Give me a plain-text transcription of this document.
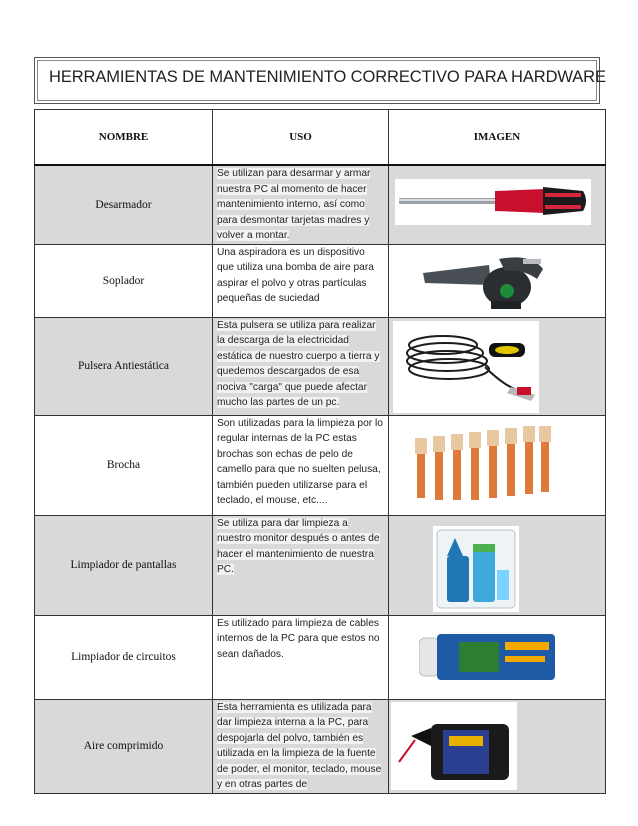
HERRAMIENTAS DE MANTENIMIENTO CORRECTIVO PARA HARDWARE
NOMBRE	USO	IMAGEN
Desarmador	Se utilizan para desarmar y armar nuestra PC al momento de hacer mantenimiento interno, así como para desmontar tarjetas madres y volver a montar.	

Soplador	Una aspiradora es un dispositivo que utiliza una bomba de aire para aspirar el polvo y otras partículas pequeñas de suciedad	

Pulsera Antiestática	Esta pulsera se utiliza para realizar la descarga de la electricidad estática de nuestro cuerpo a tierra y quedemos descargados de esa nociva "carga" que puede afectar mucho las partes de un pc.	

Brocha	Son utilizadas para la limpieza por lo regular internas de la PC estas brochas son echas de pelo de camello para que no suelten pelusa, también pueden utilizarse para el teclado, el mouse, etc....	

Limpiador de pantallas	Se utiliza para dar limpieza a nuestro monitor después o antes de hacer el mantenimiento de nuestra PC.	

Limpiador de circuitos	Es utilizado para limpieza de cables internos de la PC para que estos no sean dañados.	

Aire comprimido	Esta herramienta es utilizada para dar limpieza interna a la PC, para despojarla del polvo, también es utilizada en la limpieza de la fuente de poder, el monitor, teclado, mouse y en otras partes de	
